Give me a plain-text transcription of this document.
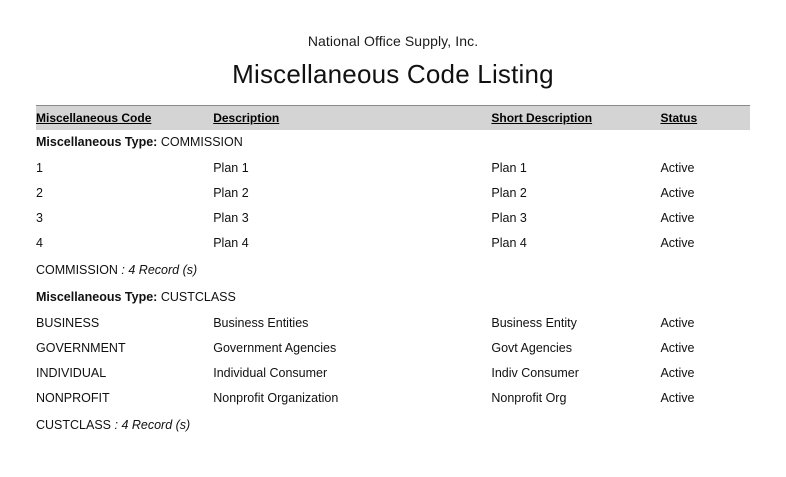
National Office Supply, Inc.
Miscellaneous Code Listing
Miscellaneous Code	Description	Short Description	Status
Miscellaneous Type: COMMISSION			
1	Plan 1	Plan 1	Active
2	Plan 2	Plan 2	Active
3	Plan 3	Plan 3	Active
4	Plan 4	Plan 4	Active
COMMISSION : 4 Record (s)			
Miscellaneous Type: CUSTCLASS			
BUSINESS	Business Entities	Business Entity	Active
GOVERNMENT	Government Agencies	Govt Agencies	Active
INDIVIDUAL	Individual Consumer	Indiv Consumer	Active
NONPROFIT	Nonprofit Organization	Nonprofit Org	Active
CUSTCLASS : 4 Record (s)			
